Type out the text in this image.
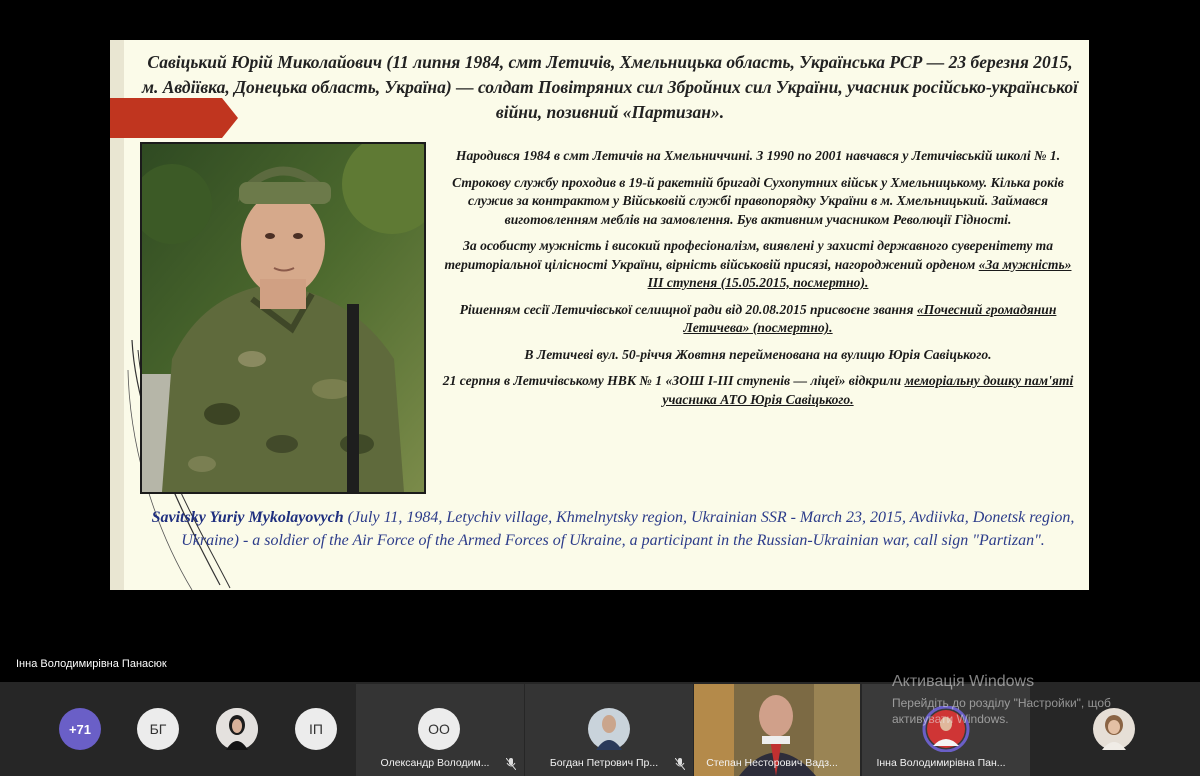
Савіцький Юрій Миколайович (11 липня 1984, смт Летичів, Хмельницька область, Українська РСР — 23 березня 2015, м. Авдіївка, Донецька область, Україна) — солдат Повітряних сил Збройних сил України, учасник російсько-української війни, позивний «Партизан».

Народився 1984 в смт Летичів на Хмельниччині. З 1990 по 2001 навчався у Летичівській школі № 1.

Строкову службу проходив в 19-й ракетній бригаді Сухопутних військ у Хмельницькому. Кілька років служив за контрактом у Військовій службі правопорядку України в м. Хмельницький. Займався виготовленням меблів на замовлення. Був активним учасником Революції Гідності.

За особисту мужність і високий професіоналізм, виявлені у захисті державного суверенітету та територіальної цілісності України, вірність військовій присязі, нагороджений орденом «За мужність» III ступеня (15.05.2015, посмертно).

Рішенням сесії Летичівської селищної ради від 20.08.2015 присвоєне звання «Почесний громадянин Летичева» (посмертно).

В Летичеві вул. 50-річчя Жовтня перейменована на вулицю Юрія Савіцького.

21 серпня в Летичівському НВК № 1 «ЗОШ І-ІІІ ступенів — ліцеї» відкрили меморіальну дошку пам'яті учасника АТО Юрія Савіцького.

Savitsky Yuriy Mykolayovych (July 11, 1984, Letychiv village, Khmelnytsky region, Ukrainian SSR - March 23, 2015, Avdiivka, Donetsk region, Ukraine) - a soldier of the Air Force of the Armed Forces of Ukraine, a participant in the Russian-Ukrainian war, call sign "Partizan".
Інна Володимирівна Панасюк
+71	БГ	ІП	ОО
Олександр Володим...	Богдан Петрович Пр...	Степан Несторович Вадз...	Інна Володимирівна Пан...
Активація Windows
Перейдіть до розділу "Настройки", щоб активувати Windows.
